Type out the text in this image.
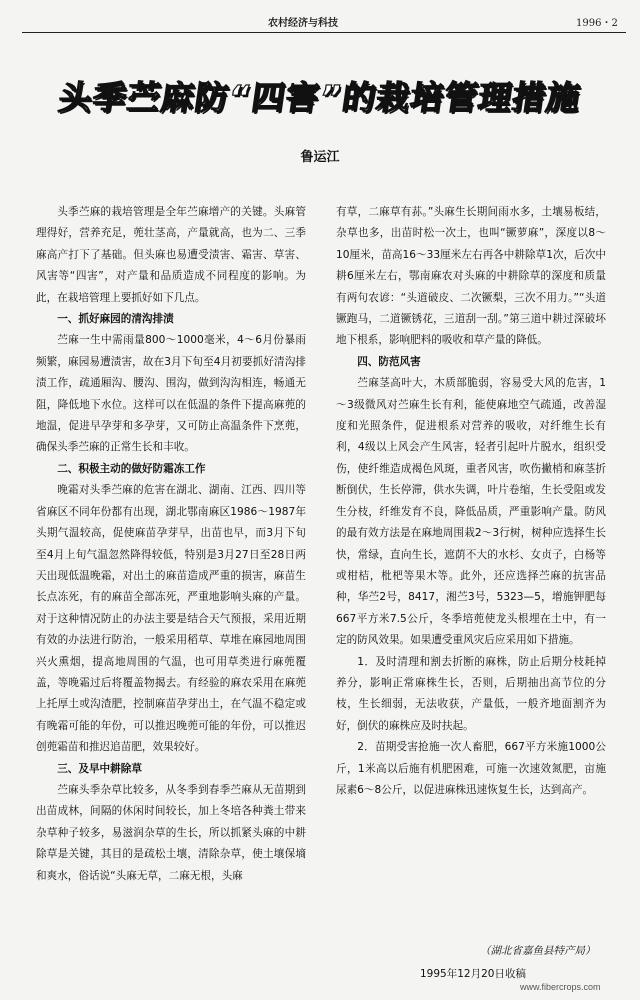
农村经济与科技	1996・2
头季苎麻防“四害”的栽培管理措施
鲁运江

头季苎麻的栽培管理是全年苎麻增产的关键。头麻管理得好，营养充足，蔸壮茎高，产量就高，也为二、三季麻高产打下了基础。但头麻也易遭受渍害、霜害、草害、风害等“四害”，对产量和品质造成不同程度的影响。为此，在栽培管理上要抓好如下几点。

一、抓好麻园的清沟排渍

苎麻一生中需雨量800～1000毫米，4～6月份暴雨频繁，麻园易遭渍害，故在3月下旬至4月初要抓好清沟排渍工作，疏通厢沟、腰沟、围沟，做到沟沟相连，畅通无阻，降低地下水位。这样可以在低温的条件下提高麻蔸的地温，促进早孕芽和多孕芽，又可防止高温条件下烹蔸，确保头季苎麻的正常生长和丰收。

二、积极主动的做好防霜冻工作

晚霜对头季苎麻的危害在湖北、湖南、江西、四川等省麻区不同年份都有出现，湖北鄂南麻区1986～1987年头期气温较高，促使麻苗孕芽早，出苗也早，而3月下旬至4月上旬气温忽然降得较低，特别是3月27日至28日两天出现低温晚霜，对出土的麻苗造成严重的损害，麻苗生长点冻死，有的麻苗全部冻死，严重地影响头麻的产量。对于这种情况防止的办法主要是结合天气预报，采用近期有效的办法进行防治，一般采用稻草、草堆在麻园地周围兴火熏烟，提高地周围的气温，也可用草类进行麻蔸覆盖，等晚霜过后将覆盖物揭去。有经验的麻农采用在麻蔸上托厚土或沟渣肥，控制麻苗孕芽出土，在气温不稳定或有晚霜可能的年份，可以推迟晚蔸可能的年份，可以推迟创蔸霜苗和推迟追苗肥，效果较好。

三、及早中耕除草

苎麻头季杂草比较多，从冬季到春季苎麻从无苗期到出苗成林，间隔的休闲时间较长，加上冬培各种粪土带来杂草种子较多，易滋润杂草的生长，所以抓紧头麻的中耕除草是关键，其目的是疏松土壤，清除杂草，使土壤保墒和爽水，俗话说“头麻无草，二麻无根，头麻

有草，二麻草有荪。”头麻生长期间雨水多，土壤易板结，杂草也多，出苗时松一次土，也叫“镢萝麻”，深度以8～10厘米，苗高16～33厘米左右再各中耕除草1次，后次中耕6厘米左右，鄂南麻农对头麻的中耕除草的深度和质量有两句农谚：“头道破皮、二次镢梨，三次不用力。”“头道镢跑马，二道镢锈花，三道刮一刮。”第三道中耕过深破坏地下根系，影响肥料的吸收和草产量的降低。

四、防范风害

苎麻茎高叶大，木质部脆弱，容易受大风的危害，1～3级微风对苎麻生长有利，能使麻地空气疏通，改善湿度和光照条件，促进根系对营养的吸收，对纤维生长有利，4级以上风会产生风害，轻者引起叶片脱水，组织受伤，使纤维造成褐色风斑，重者风害，吹伤撇梢和麻茎折断倒伏，生长停滞，供水失调，叶片卷缩，生长受阻或发生分枝，纤维发育不良，降低品质，严重影响产量。防风的最有效方法是在麻地周围栽2～3行树，树种应选择生长快，常绿，直向生长，遮荫不大的水杉、女贞子，白杨等或柑桔，枇杷等果木等。此外，还应选择苎麻的抗害品种，华苎2号，8417，湘苎3号，5323—5，增施钾肥每667平方米7.5公斤，冬季培蔸使龙头根埋在土中，有一定的防风效果。如果遭受重风灾后应采用如下措施。

1．及时清理和割去折断的麻株，防止后期分枝耗掉养分，影响正常麻株生长，否则，后期抽出高节位的分枝，生长细弱，无法收获，产量低，一般齐地面割齐为好，倒伏的麻株应及时扶起。

2．苗期受害抢施一次人畜肥，667平方米施1000公斤，1米高以后施有机肥困难，可施一次速效氮肥，亩施尿素6～8公斤，以促进麻株迅速恢复生长，达到高产。

（湖北省嘉鱼县特产局）
1995年12月20日收稿
www.fibercrops.com
